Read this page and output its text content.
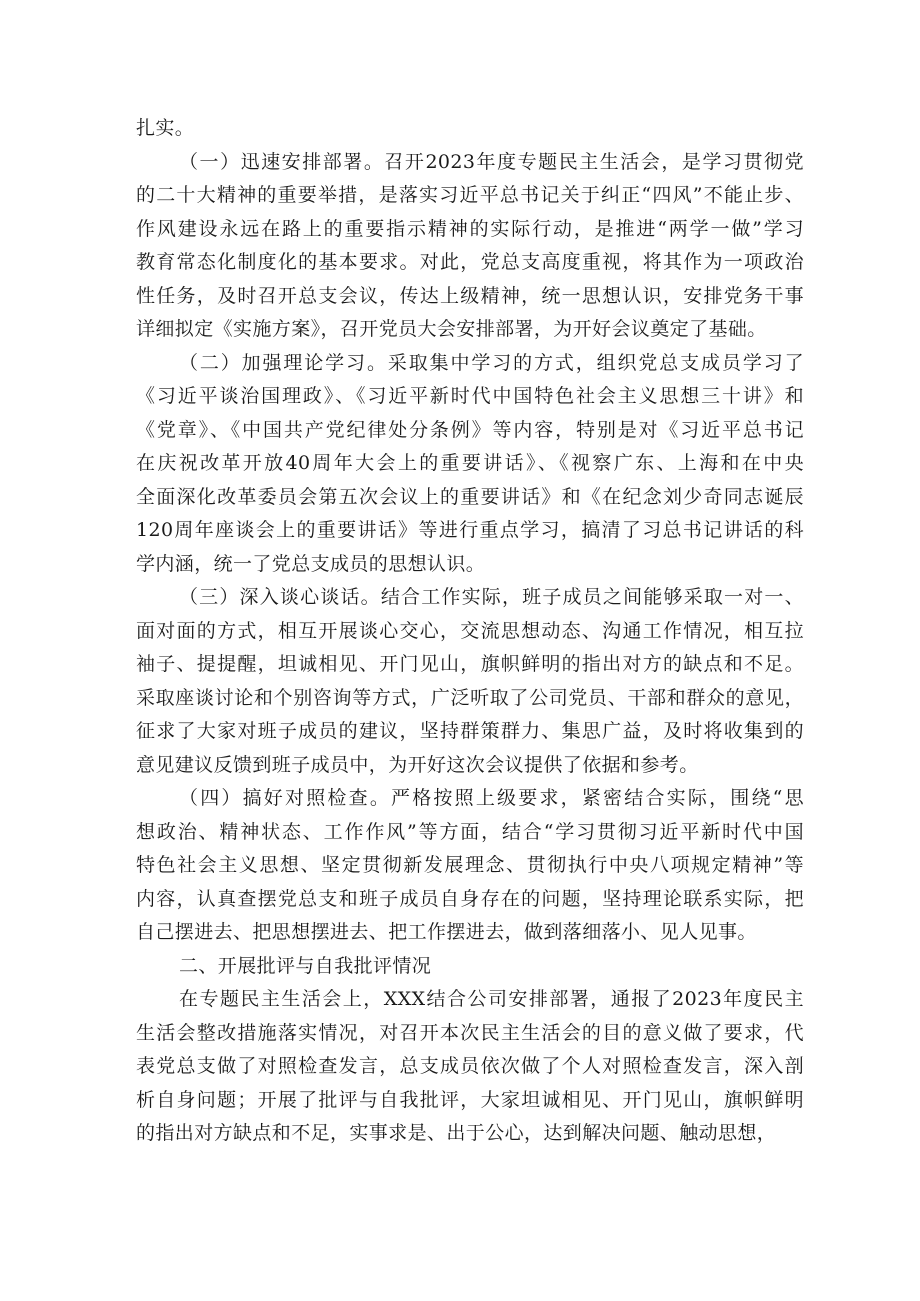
扎实。
（一）迅速安排部署。召开2023年度专题民主生活会，是学习贯彻党
的二十大精神的重要举措，是落实习近平总书记关于纠正“四风”不能止步、
作风建设永远在路上的重要指示精神的实际行动，是推进“两学一做”学习
教育常态化制度化的基本要求。对此，党总支高度重视，将其作为一项政治
性任务，及时召开总支会议，传达上级精神，统一思想认识，安排党务干事
详细拟定《实施方案》，召开党员大会安排部署，为开好会议奠定了基础。
（二）加强理论学习。采取集中学习的方式，组织党总支成员学习了
《习近平谈治国理政》、《习近平新时代中国特色社会主义思想三十讲》和
《党章》、《中国共产党纪律处分条例》等内容，特别是对《习近平总书记
在庆祝改革开放40周年大会上的重要讲话》、《视察广东、上海和在中央
全面深化改革委员会第五次会议上的重要讲话》和《在纪念刘少奇同志诞辰
120周年座谈会上的重要讲话》等进行重点学习，搞清了习总书记讲话的科
学内涵，统一了党总支成员的思想认识。
（三）深入谈心谈话。结合工作实际，班子成员之间能够采取一对一、
面对面的方式，相互开展谈心交心，交流思想动态、沟通工作情况，相互拉
袖子、提提醒，坦诚相见、开门见山，旗帜鲜明的指出对方的缺点和不足。
采取座谈讨论和个别咨询等方式，广泛听取了公司党员、干部和群众的意见，
征求了大家对班子成员的建议，坚持群策群力、集思广益，及时将收集到的
意见建议反馈到班子成员中，为开好这次会议提供了依据和参考。
（四）搞好对照检查。严格按照上级要求，紧密结合实际，围绕“思
想政治、精神状态、工作作风”等方面，结合“学习贯彻习近平新时代中国
特色社会主义思想、坚定贯彻新发展理念、贯彻执行中央八项规定精神”等
内容，认真查摆党总支和班子成员自身存在的问题，坚持理论联系实际，把
自己摆进去、把思想摆进去、把工作摆进去，做到落细落小、见人见事。
二、开展批评与自我批评情况
在专题民主生活会上，XXX结合公司安排部署，通报了2023年度民主
生活会整改措施落实情况，对召开本次民主生活会的目的意义做了要求，代
表党总支做了对照检查发言，总支成员依次做了个人对照检查发言，深入剖
析自身问题；开展了批评与自我批评，大家坦诚相见、开门见山，旗帜鲜明
的指出对方缺点和不足，实事求是、出于公心，达到解决问题、触动思想，
